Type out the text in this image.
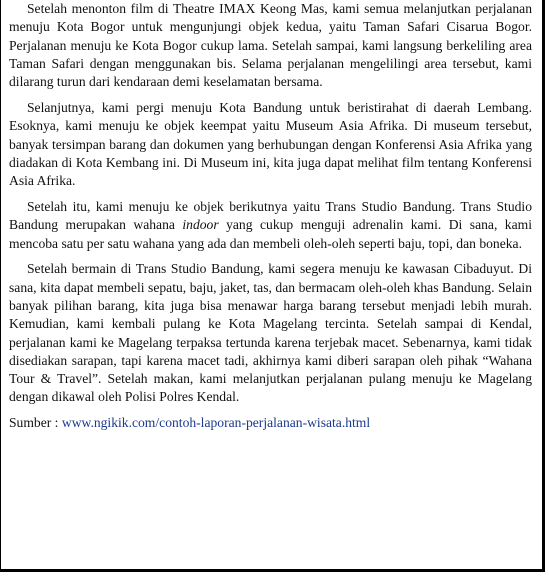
Setelah menonton film di Theatre IMAX Keong Mas, kami semua melanjutkan perjalanan menuju Kota Bogor untuk mengunjungi objek kedua, yaitu Taman Safari Cisarua Bogor. Perjalanan menuju ke Kota Bogor cukup lama. Setelah sampai, kami langsung berkeliling area Taman Safari dengan menggunakan bis. Selama perjalanan mengelilingi area tersebut, kami dilarang turun dari kendaraan demi keselamatan bersama.

Selanjutnya, kami pergi menuju Kota Bandung untuk beristirahat di daerah Lembang. Esoknya, kami menuju ke objek keempat yaitu Museum Asia Afrika. Di museum tersebut, banyak tersimpan barang dan dokumen yang berhubungan dengan Konferensi Asia Afrika yang diadakan di Kota Kembang ini. Di Museum ini, kita juga dapat melihat film tentang Konferensi Asia Afrika.

Setelah itu, kami menuju ke objek berikutnya yaitu Trans Studio Bandung. Trans Studio Bandung merupakan wahana indoor yang cukup menguji adrenalin kami. Di sana, kami mencoba satu per satu wahana yang ada dan membeli oleh-oleh seperti baju, topi, dan boneka.

Setelah bermain di Trans Studio Bandung, kami segera menuju ke kawasan Cibaduyut. Di sana, kita dapat membeli sepatu, baju, jaket, tas, dan bermacam oleh-oleh khas Bandung. Selain banyak pilihan barang, kita juga bisa menawar harga barang tersebut menjadi lebih murah. Kemudian, kami kembali pulang ke Kota Magelang tercinta. Setelah sampai di Kendal, perjalanan kami ke Magelang terpaksa tertunda karena terjebak macet. Sebenarnya, kami tidak disediakan sarapan, tapi karena macet tadi, akhirnya kami diberi sarapan oleh pihak “Wahana Tour & Travel”. Setelah makan, kami melanjutkan perjalanan pulang menuju ke Magelang dengan dikawal oleh Polisi Polres Kendal.

Sumber : www.ngikik.com/contoh-laporan-perjalanan-wisata.html
